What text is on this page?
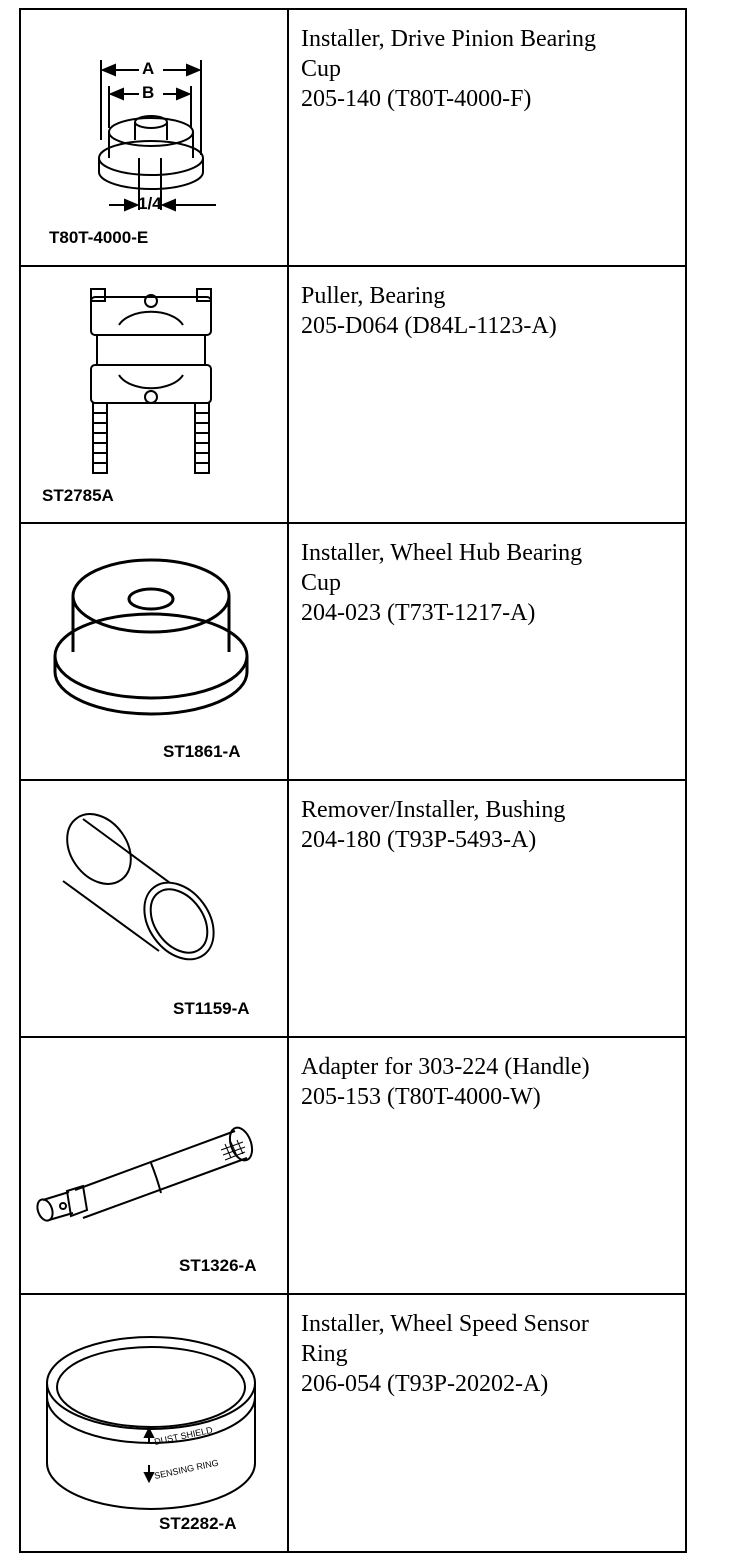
A
B
1/4
T80T-4000-E	Installer, Drive Pinion Bearing
Cup
205-140 (T80T-4000-F)

ST2785A	Puller, Bearing
205-D064 (D84L-1123-A)

ST1861-A	Installer, Wheel Hub Bearing
Cup
204-023 (T73T-1217-A)

ST1159-A	Remover/Installer, Bushing
204-180 (T93P-5493-A)

ST1326-A	Adapter for 303-224 (Handle)
205-153 (T80T-4000-W)

DUST SHIELD
SENSING RING
ST2282-A	Installer, Wheel Speed Sensor
Ring
206-054 (T93P-20202-A)
